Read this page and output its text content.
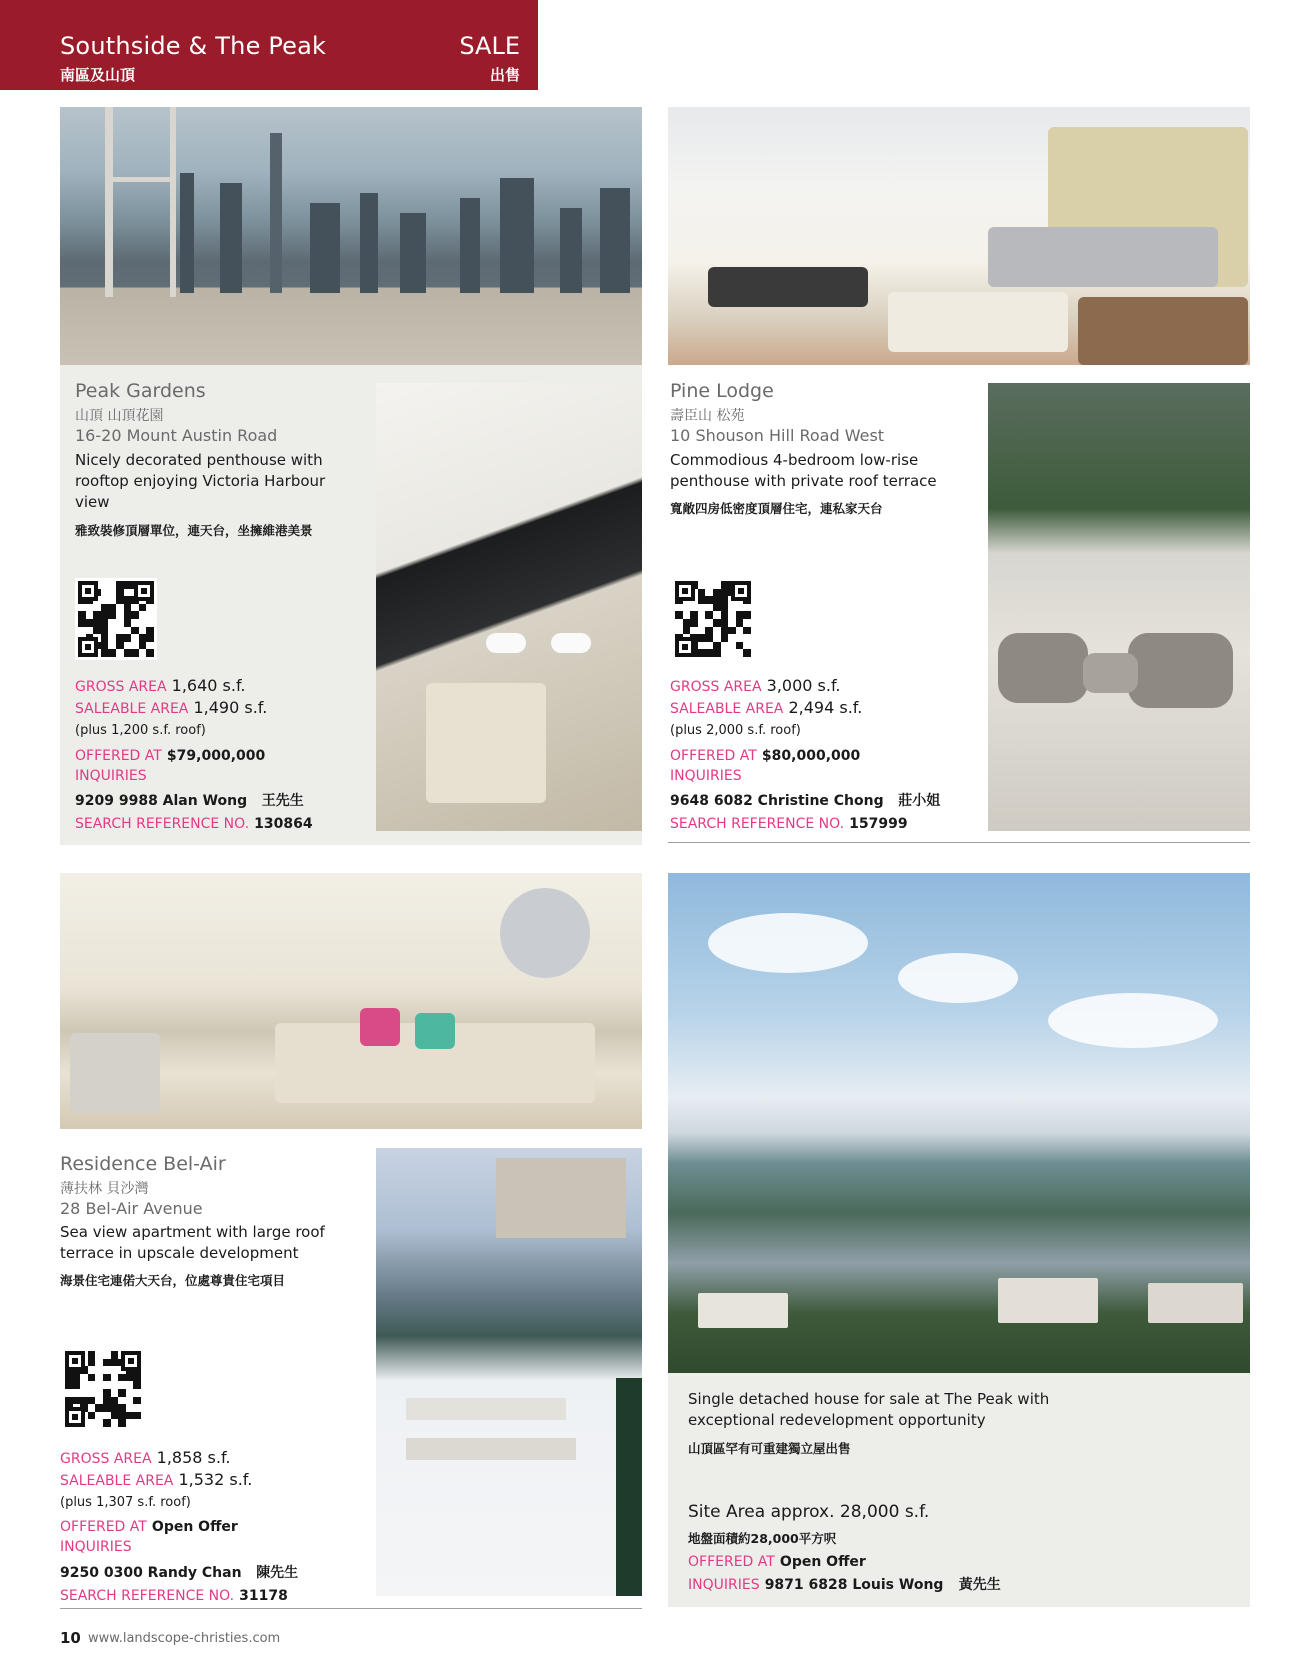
Southside & The Peak
南區及山頂
SALE
出售
Peak Gardens
山頂 山頂花園
16-20 Mount Austin Road
Nicely decorated penthouse with rooftop enjoying Victoria Harbour view
雅致裝修頂層單位，連天台，坐擁維港美景
GROSS AREA 1,640 s.f.
SALEABLE AREA 1,490 s.f.
(plus 1,200 s.f. roof)
OFFERED AT $79,000,000
INQUIRIES
9209 9988 Alan Wong 王先生
SEARCH REFERENCE NO. 130864
Pine Lodge
壽臣山 松苑
10 Shouson Hill Road West
Commodious 4-bedroom low-rise penthouse with private roof terrace
寬敞四房低密度頂層住宅，連私家天台
GROSS AREA 3,000 s.f.
SALEABLE AREA 2,494 s.f.
(plus 2,000 s.f. roof)
OFFERED AT $80,000,000
INQUIRIES
9648 6082 Christine Chong 莊小姐
SEARCH REFERENCE NO. 157999
Residence Bel-Air
薄扶林 貝沙灣
28 Bel-Air Avenue
Sea view apartment with large roof terrace in upscale development
海景住宅連偌大天台，位處尊貴住宅項目
GROSS AREA 1,858 s.f.
SALEABLE AREA 1,532 s.f.
(plus 1,307 s.f. roof)
OFFERED AT Open Offer
INQUIRIES
9250 0300 Randy Chan 陳先生
SEARCH REFERENCE NO. 31178
Single detached house for sale at The Peak with exceptional redevelopment opportunity
山頂區罕有可重建獨立屋出售
Site Area approx. 28,000 s.f.
地盤面積約28,000平方呎
OFFERED AT Open Offer
INQUIRIES 9871 6828 Louis Wong 黃先生
10 www.landscope-christies.com
